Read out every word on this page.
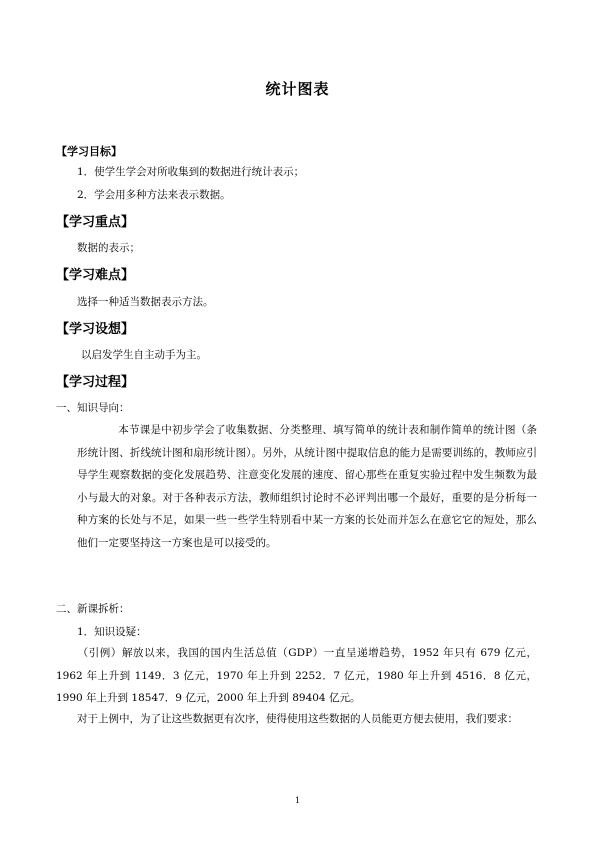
统计图表
【学习目标】
1．使学生学会对所收集到的数据进行统计表示；
2．学会用多种方法来表示数据。
【学习重点】
数据的表示；
【学习难点】
选择一种适当数据表示方法。
【学习设想】
以启发学生自主动手为主。
【学习过程】
一、知识导向：
本节课是中初步学会了收集数据、分类整理、填写简单的统计表和制作简单的统计图（条形统计图、折线统计图和扇形统计图）。另外，从统计图中提取信息的能力是需要训练的，教师应引导学生观察数据的变化发展趋势、注意变化发展的速度、留心那些在重复实验过程中发生频数为最小与最大的对象。对于各种表示方法，教师组织讨论时不必评判出哪一个最好，重要的是分析每一种方案的长处与不足，如果一些一些学生特别看中某一方案的长处而并怎么在意它它的短处，那么他们一定要坚持这一方案也是可以接受的。
二、新课拆析：
1．知识设疑：
（引例）解放以来，我国的国内生活总值（GDP）一直呈递增趋势，1952 年只有 679 亿元，1962 年上升到 1149．3 亿元，1970 年上升到 2252．7 亿元，1980 年上升到 4516．8 亿元，1990 年上升到 18547．9 亿元，2000 年上升到 89404 亿元。
对于上例中，为了让这些数据更有次序，使得使用这些数据的人员能更方便去使用，我们要求：
1
